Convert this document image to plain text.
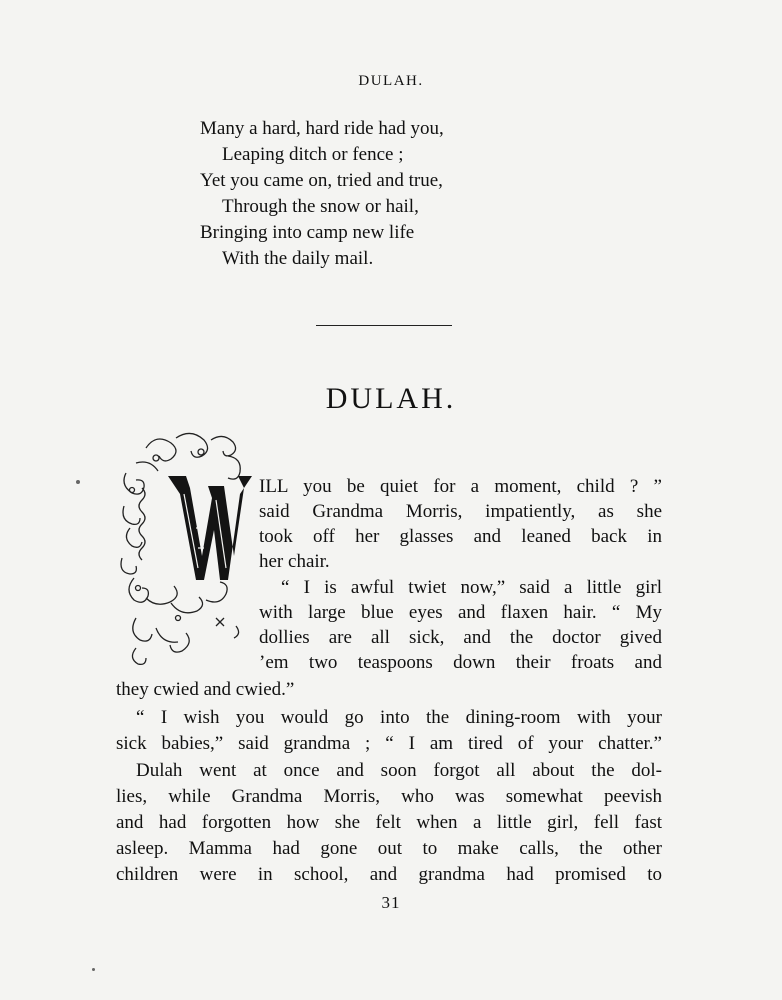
DULAH.
Many a hard, hard ride had you,
Leaping ditch or fence ;
Yet you came on, tried and true,
Through the snow or hail,
Bringing into camp new life
With the daily mail.
DULAH.
ILL you be quiet for a moment, child ? ”
said Grandma Morris, impatiently, as she
took off her glasses and leaned back in
her chair.
“ I is awful twiet now,” said a little girl
with large blue eyes and flaxen hair. “ My
dollies are all sick, and the doctor gived
’em two teaspoons down their froats and
they cwied and cwied.”
“ I wish you would go into the dining-room with your
sick babies,” said grandma ; “ I am tired of your chatter.”
Dulah went at once and soon forgot all about the dol-
lies, while Grandma Morris, who was somewhat peevish
and had forgotten how she felt when a little girl, fell fast
asleep. Mamma had gone out to make calls, the other
children were in school, and grandma had promised to
31
